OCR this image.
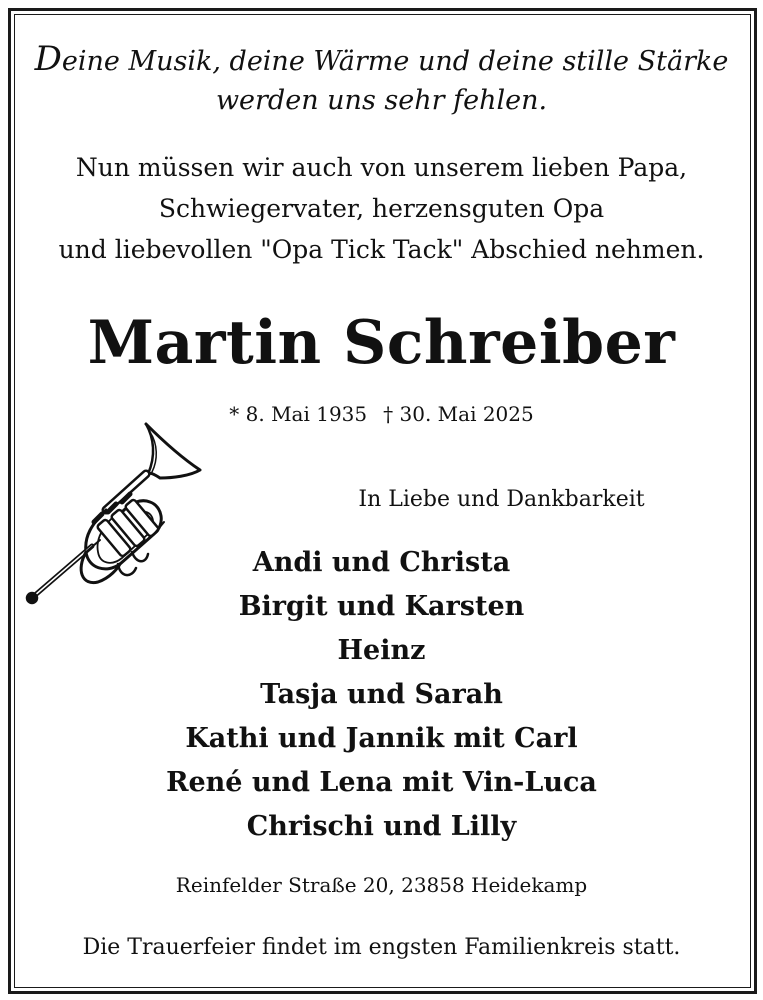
Deine Musik, deine Wärme und deine stille Stärke
werden uns sehr fehlen.
Nun müssen wir auch von unserem lieben Papa,
Schwiegervater, herzensguten Opa
und liebevollen "Opa Tick Tack" Abschied nehmen.
Martin Schreiber
* 8. Mai 1935 † 30. Mai 2025
In Liebe und Dankbarkeit
Andi und Christa
Birgit und Karsten
Heinz
Tasja und Sarah
Kathi und Jannik mit Carl
René und Lena mit Vin-Luca
Chrischi und Lilly
Reinfelder Straße 20, 23858 Heidekamp
Die Trauerfeier findet im engsten Familienkreis statt.
